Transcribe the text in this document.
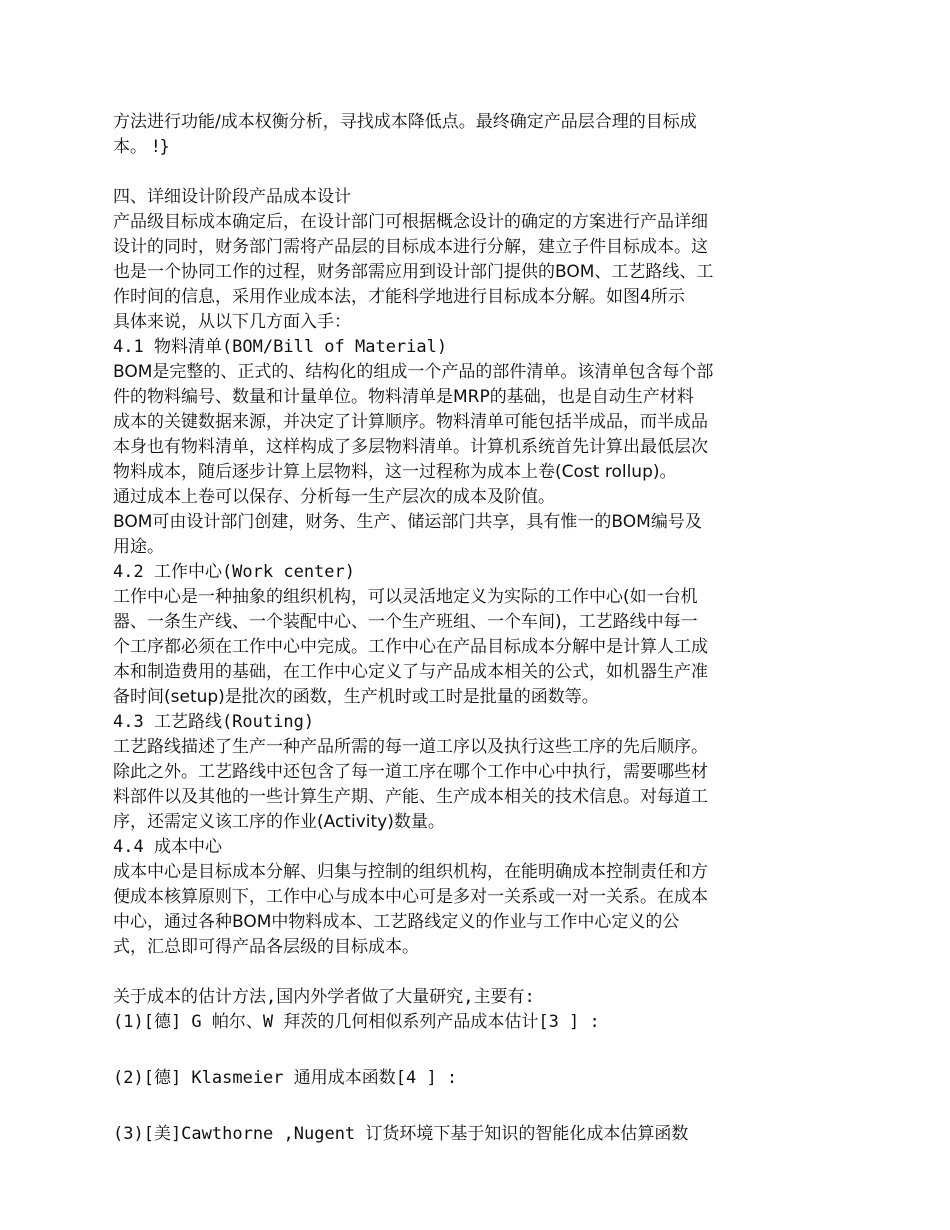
方法进行功能/成本权衡分析，寻找成本降低点。最终确定产品层合理的目标成
本。 !}
四、详细设计阶段产品成本设计
产品级目标成本确定后，在设计部门可根据概念设计的确定的方案进行产品详细
设计的同时，财务部门需将产品层的目标成本进行分解，建立子件目标成本。这
也是一个协同工作的过程，财务部需应用到设计部门提供的BOM、工艺路线、工
作时间的信息，采用作业成本法，才能科学地进行目标成本分解。如图4所示
具体来说，从以下几方面入手：
4.1 物料清单(BOM/Bill of Material)
BOM是完整的、正式的、结构化的组成一个产品的部件清单。该清单包含每个部
件的物料编号、数量和计量单位。物料清单是MRP的基础，也是自动生产材料
成本的关键数据来源，并决定了计算顺序。物料清单可能包括半成品，而半成品
本身也有物料清单，这样构成了多层物料清单。计算机系统首先计算出最低层次
物料成本，随后逐步计算上层物料，这一过程称为成本上卷(Cost rollup)。
通过成本上卷可以保存、分析每一生产层次的成本及阶值。
BOM可由设计部门创建，财务、生产、储运部门共享，具有惟一的BOM编号及
用途。
4.2 工作中心(Work center)
工作中心是一种抽象的组织机构，可以灵活地定义为实际的工作中心(如一台机
器、一条生产线、一个装配中心、一个生产班组、一个车间)，工艺路线中每一
个工序都必须在工作中心中完成。工作中心在产品目标成本分解中是计算人工成
本和制造费用的基础，在工作中心定义了与产品成本相关的公式，如机器生产准
备时间(setup)是批次的函数，生产机时或工时是批量的函数等。
4.3 工艺路线(Routing)
工艺路线描述了生产一种产品所需的每一道工序以及执行这些工序的先后顺序。
除此之外。工艺路线中还包含了每一道工序在哪个工作中心中执行，需要哪些材
料部件以及其他的一些计算生产期、产能、生产成本相关的技术信息。对每道工
序，还需定义该工序的作业(Activity)数量。
4.4 成本中心
成本中心是目标成本分解、归集与控制的组织机构，在能明确成本控制责任和方
便成本核算原则下，工作中心与成本中心可是多对一关系或一对一关系。在成本
中心，通过各种BOM中物料成本、工艺路线定义的作业与工作中心定义的公
式，汇总即可得产品各层级的目标成本。
关于成本的估计方法,国内外学者做了大量研究,主要有:
(1)[德] G 帕尔、W 拜茨的几何相似系列产品成本估计[3 ] :
(2)[德] Klasmeier 通用成本函数[4 ] :
(3)[美]Cawthorne ,Nugent 订货环境下基于知识的智能化成本估算函数
